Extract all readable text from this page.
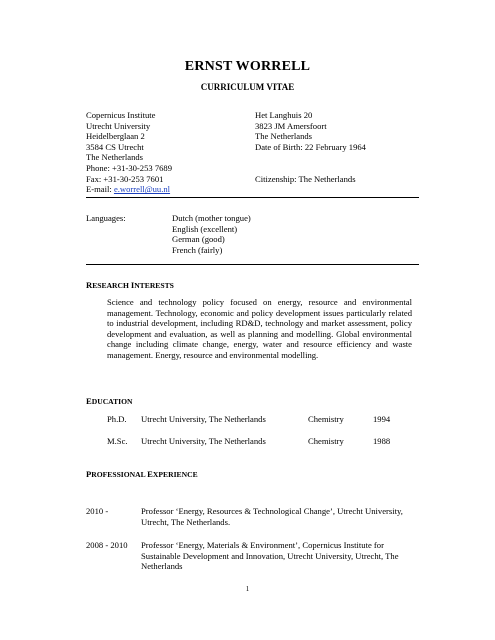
ERNST WORRELL
CURRICULUM VITAE
Copernicus Institute
Utrecht University
Heidelberglaan 2
3584 CS Utrecht
The Netherlands
Phone: +31-30-253 7689
Fax: +31-30-253 7601
E-mail: e.worrell@uu.nl
Het Langhuis 20
3823 JM Amersfoort
The Netherlands
Date of Birth: 22 February 1964
Citizenship: The Netherlands
Languages:	Dutch (mother tongue)
English (excellent)
German (good)
French (fairly)
RESEARCH INTERESTS
Science and technology policy focused on energy, resource and environmental management. Technology, economic and policy development issues particularly related to industrial development, including RD&D, technology and market assessment, policy development and evaluation, as well as planning and modelling. Global environmental change including climate change, energy, water and resource efficiency and waste management. Energy, resource and environmental modelling.
EDUCATION
Ph.D. Utrecht University, The Netherlands	Chemistry	1994
M.Sc. Utrecht University, The Netherlands	Chemistry	1988
PROFESSIONAL EXPERIENCE
2010 -	Professor ‘Energy, Resources & Technological Change’, Utrecht University, Utrecht, The Netherlands.
2008 - 2010 Professor ‘Energy, Materials & Environment’, Copernicus Institute for Sustainable Development and Innovation, Utrecht University, Utrecht, The Netherlands
1
